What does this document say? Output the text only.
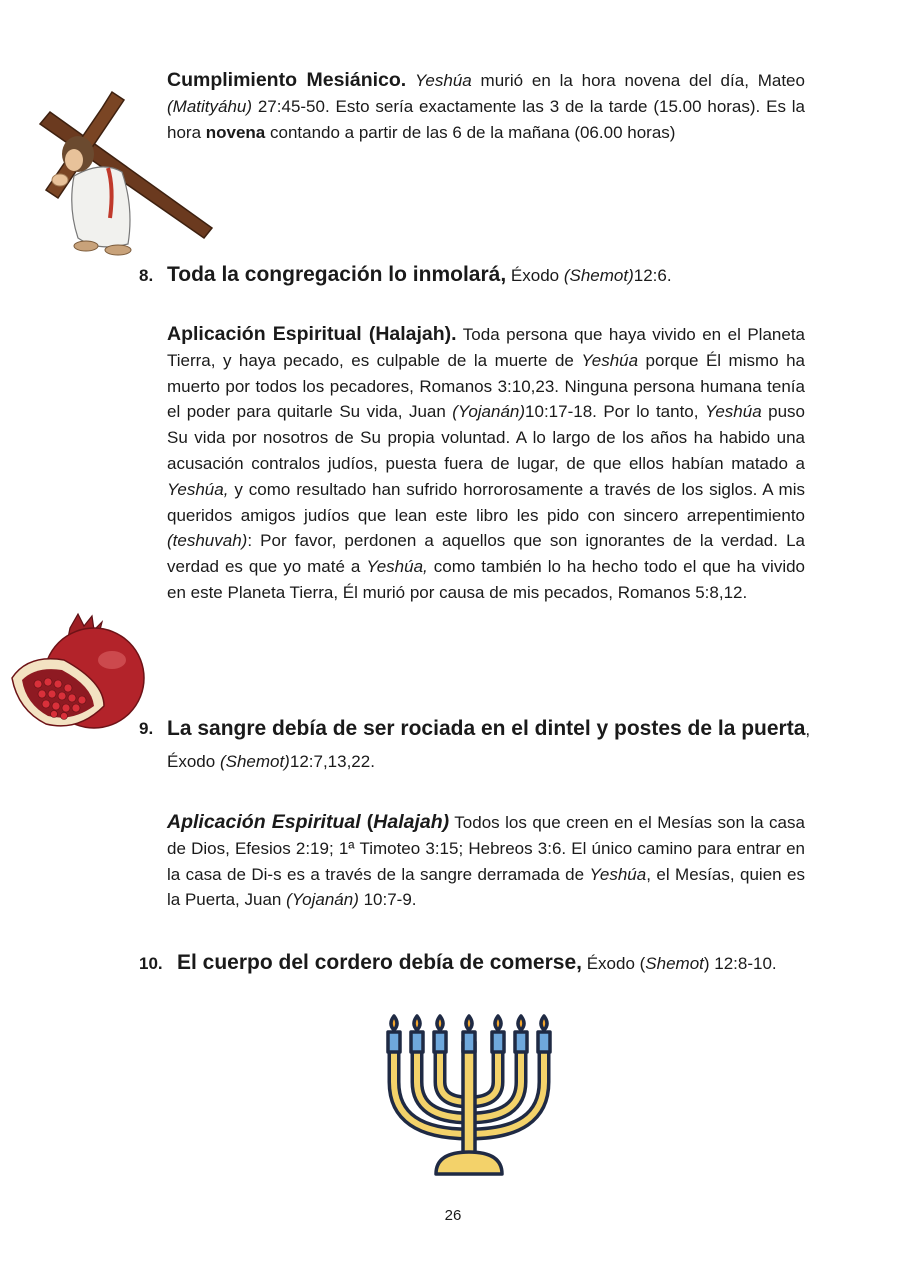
Cumplimiento Mesiánico. Yeshúa murió en la hora novena del día, Mateo (Matityáhu) 27:45-50. Esto sería exactamente las 3 de la tarde (15.00 horas). Es la hora novena contando a partir de las 6 de la mañana (06.00 horas)

8. Toda la congregación lo inmolará, Éxodo (Shemot)12:6.

Aplicación Espiritual (Halajah). Toda persona que haya vivido en el Planeta Tierra, y haya pecado, es culpable de la muerte de Yeshúa porque Él mismo ha muerto por todos los pecadores, Romanos 3:10,23. Ninguna persona humana tenía el poder para quitarle Su vida, Juan (Yojanán)10:17-18. Por lo tanto, Yeshúa puso Su vida por nosotros de Su propia voluntad. A lo largo de los años ha habido una acusación contralos judíos, puesta fuera de lugar, de que ellos habían matado a Yeshúa, y como resultado han sufrido horrorosamente a través de los siglos. A mis queridos amigos judíos que lean este libro les pido con sincero arrepentimiento (teshuvah): Por favor, perdonen a aquellos que son ignorantes de la verdad. La verdad es que yo maté a Yeshúa, como también lo ha hecho todo el que ha vivido en este Planeta Tierra, Él murió por causa de mis pecados, Romanos 5:8,12.

9. La sangre debía de ser rociada en el dintel y postes de la puerta, Éxodo (Shemot)12:7,13,22.

Aplicación Espiritual (Halajah) Todos los que creen en el Mesías son la casa de Dios, Efesios 2:19; 1ª Timoteo 3:15; Hebreos 3:6. El único camino para entrar en la casa de Di-s es a través de la sangre derramada de Yeshúa, el Mesías, quien es la Puerta, Juan (Yojanán) 10:7-9.

10. El cuerpo del cordero debía de comerse, Éxodo (Shemot) 12:8-10.
26
